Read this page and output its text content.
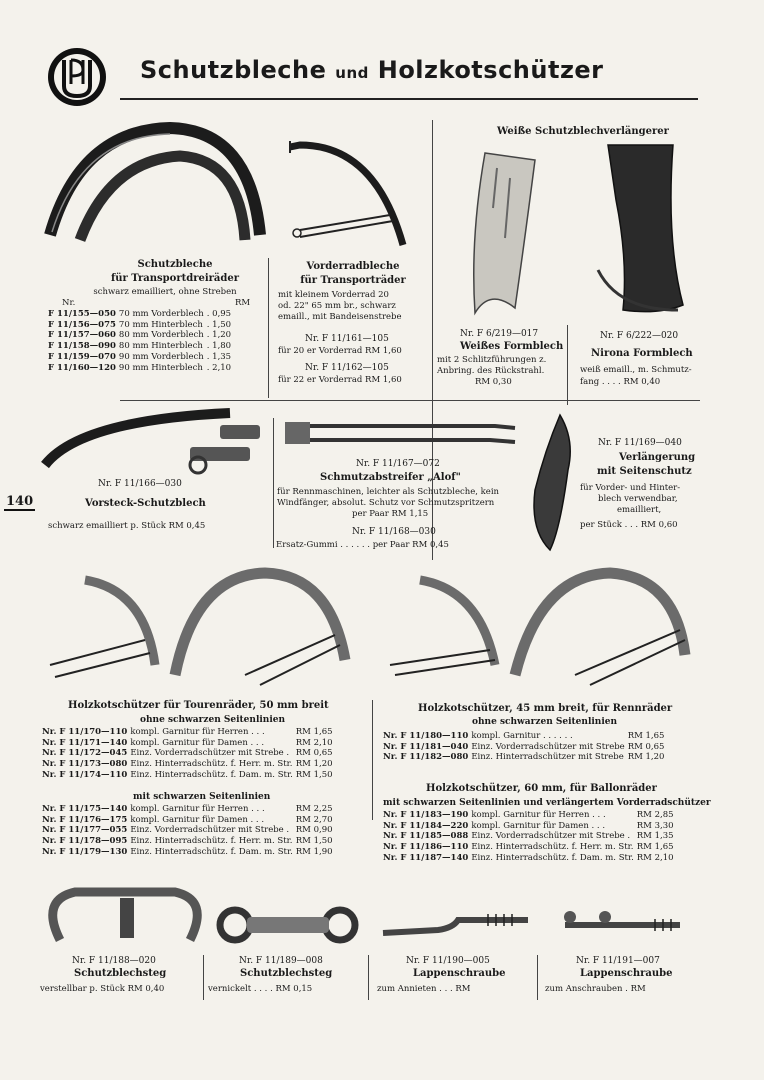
Schutzbleche und Holzkotschützer
140
Schutzbleche
für Transportdreiräder
schwarz emailliert, ohne Streben
Nr.	RM
F 11/155—050	70 mm Vorderblech	. 0,95
F 11/156—075	70 mm Hinterblech	. 1,50
F 11/157—060	80 mm Vorderblech	. 1,20
F 11/158—090	80 mm Hinterblech	. 1,80
F 11/159—070	90 mm Vorderblech	. 1,35
F 11/160—120	90 mm Hinterblech	. 2,10
Vorderradbleche
für Transporträder
mit kleinem Vorderrad 20
od. 22" 65 mm br., schwarz
emaill., mit Bandeisenstrebe
Nr. F 11/161—105
für 20 er Vorderrad RM 1,60
Nr. F 11/162—105
für 22 er Vorderrad RM 1,60
Weiße Schutzblechverlängerer
Nr. F 6/219—017
Weißes Formblech
mit 2 Schlitzführungen z.
Anbring. des Rückstrahl.
RM 0,30
Nr. F 6/222—020
Nirona Formblech
weiß emaill., m. Schmutz-
fang . . . . RM 0,40
Nr. F 11/166—030
Vorsteck-Schutzblech
schwarz emailliert p. Stück RM 0,45
Nr. F 11/167—072
Schmutzabstreifer „Alof"
für Rennmaschinen, leichter als Schutzbleche, kein
Windfänger, absolut. Schutz vor Schmutzspritzern
per Paar RM 1,15
Nr. F 11/168—030
Ersatz-Gummi . . . . . . per Paar RM 0,45
Nr. F 11/169—040
Verlängerung
mit Seitenschutz
für Vorder- und Hinter-
blech verwendbar,
emailliert,
per Stück . . . RM 0,60
Holzkotschützer für Tourenräder, 50 mm breit
ohne schwarzen Seitenlinien
Nr. F 11/170—110	kompl. Garnitur für Herren . . .	RM 1,65
Nr. F 11/171—140	kompl. Garnitur für Damen . . .	RM 2,10
Nr. F 11/172—045	Einz. Vorderradschützer mit Strebe .	RM 0,65
Nr. F 11/173—080	Einz. Hinterradschütz. f. Herr. m. Str.	RM 1,20
Nr. F 11/174—110	Einz. Hinterradschütz. f. Dam. m. Str.	RM 1,50
mit schwarzen Seitenlinien
Nr. F 11/175—140	kompl. Garnitur für Herren . . .	RM 2,25
Nr. F 11/176—175	kompl. Garnitur für Damen . . .	RM 2,70
Nr. F 11/177—055	Einz. Vorderradschützer mit Strebe .	RM 0,90
Nr. F 11/178—095	Einz. Hinterradschütz. f. Herr. m. Str.	RM 1,50
Nr. F 11/179—130	Einz. Hinterradschütz. f. Dam. m. Str.	RM 1,90
Holzkotschützer, 45 mm breit, für Rennräder
ohne schwarzen Seitenlinien
Nr. F 11/180—110	kompl. Garnitur . . . . . .	RM 1,65
Nr. F 11/181—040	Einz. Vorderradschützer mit Strebe	RM 0,65
Nr. F 11/182—080	Einz. Hinterradschützer mit Strebe	RM 1,20
Holzkotschützer, 60 mm, für Ballonräder
mit schwarzen Seitenlinien und verlängertem Vorderradschützer
Nr. F 11/183—190	kompl. Garnitur für Herren . . .	RM 2,85
Nr. F 11/184—220	kompl. Garnitur für Damen . . .	RM 3,30
Nr. F 11/185—088	Einz. Vorderradschützer mit Strebe .	RM 1,35
Nr. F 11/186—110	Einz. Hinterradschütz. f. Herr. m. Str.	RM 1,65
Nr. F 11/187—140	Einz. Hinterradschütz. f. Dam. m. Str.	RM 2,10
Nr. F 11/188—020
Schutzblechsteg
verstellbar p. Stück RM 0,40
Nr. F 11/189—008
Schutzblechsteg
vernickelt . . . . RM 0,15
Nr. F 11/190—005
Lappenschraube
zum Annieten . . . RM
Nr. F 11/191—007
Lappenschraube
zum Anschrauben . RM
